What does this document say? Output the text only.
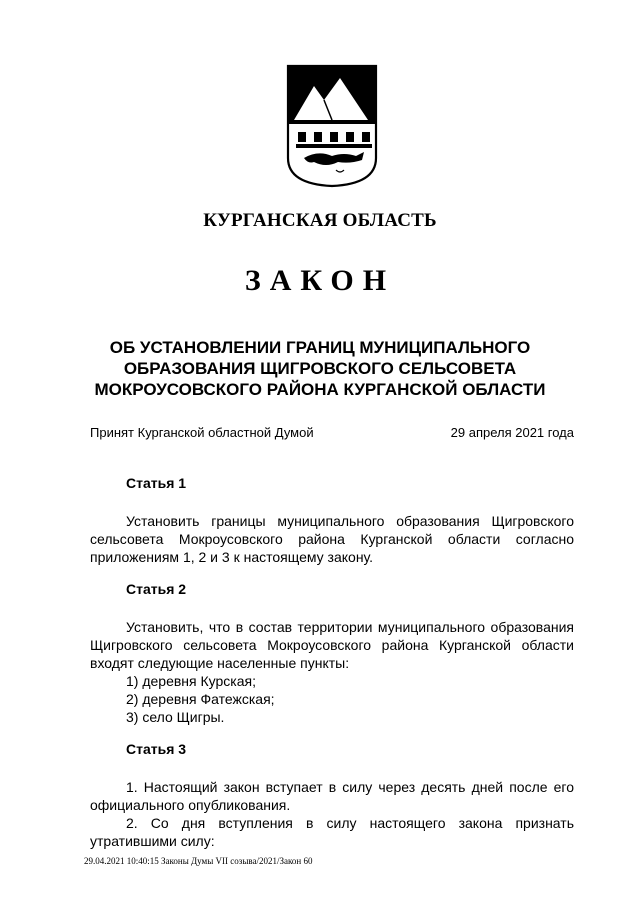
КУРГАНСКАЯ ОБЛАСТЬ
ЗАКОН
ОБ УСТАНОВЛЕНИИ ГРАНИЦ МУНИЦИПАЛЬНОГО
ОБРАЗОВАНИЯ ЩИГРОВСКОГО СЕЛЬСОВЕТА
МОКРОУСОВСКОГО РАЙОНА КУРГАНСКОЙ ОБЛАСТИ
Принят Курганской областной Думой	29 апреля 2021 года
Статья 1
Установить границы муниципального образования Щигровского сельсовета Мокроусовского района Курганской области согласно приложениям 1, 2 и 3 к настоящему закону.
Статья 2
Установить, что в состав территории муниципального образования Щигровского сельсовета Мокроусовского района Курганской области входят следующие населенные пункты:
1) деревня Курская;
2) деревня Фатежская;
3) село Щигры.
Статья 3
1. Настоящий закон вступает в силу через десять дней после его официального опубликования.
2. Со дня вступления в силу настоящего закона признать утратившими силу:
29.04.2021 10:40:15 Законы Думы VII созыва/2021/Закон 60
